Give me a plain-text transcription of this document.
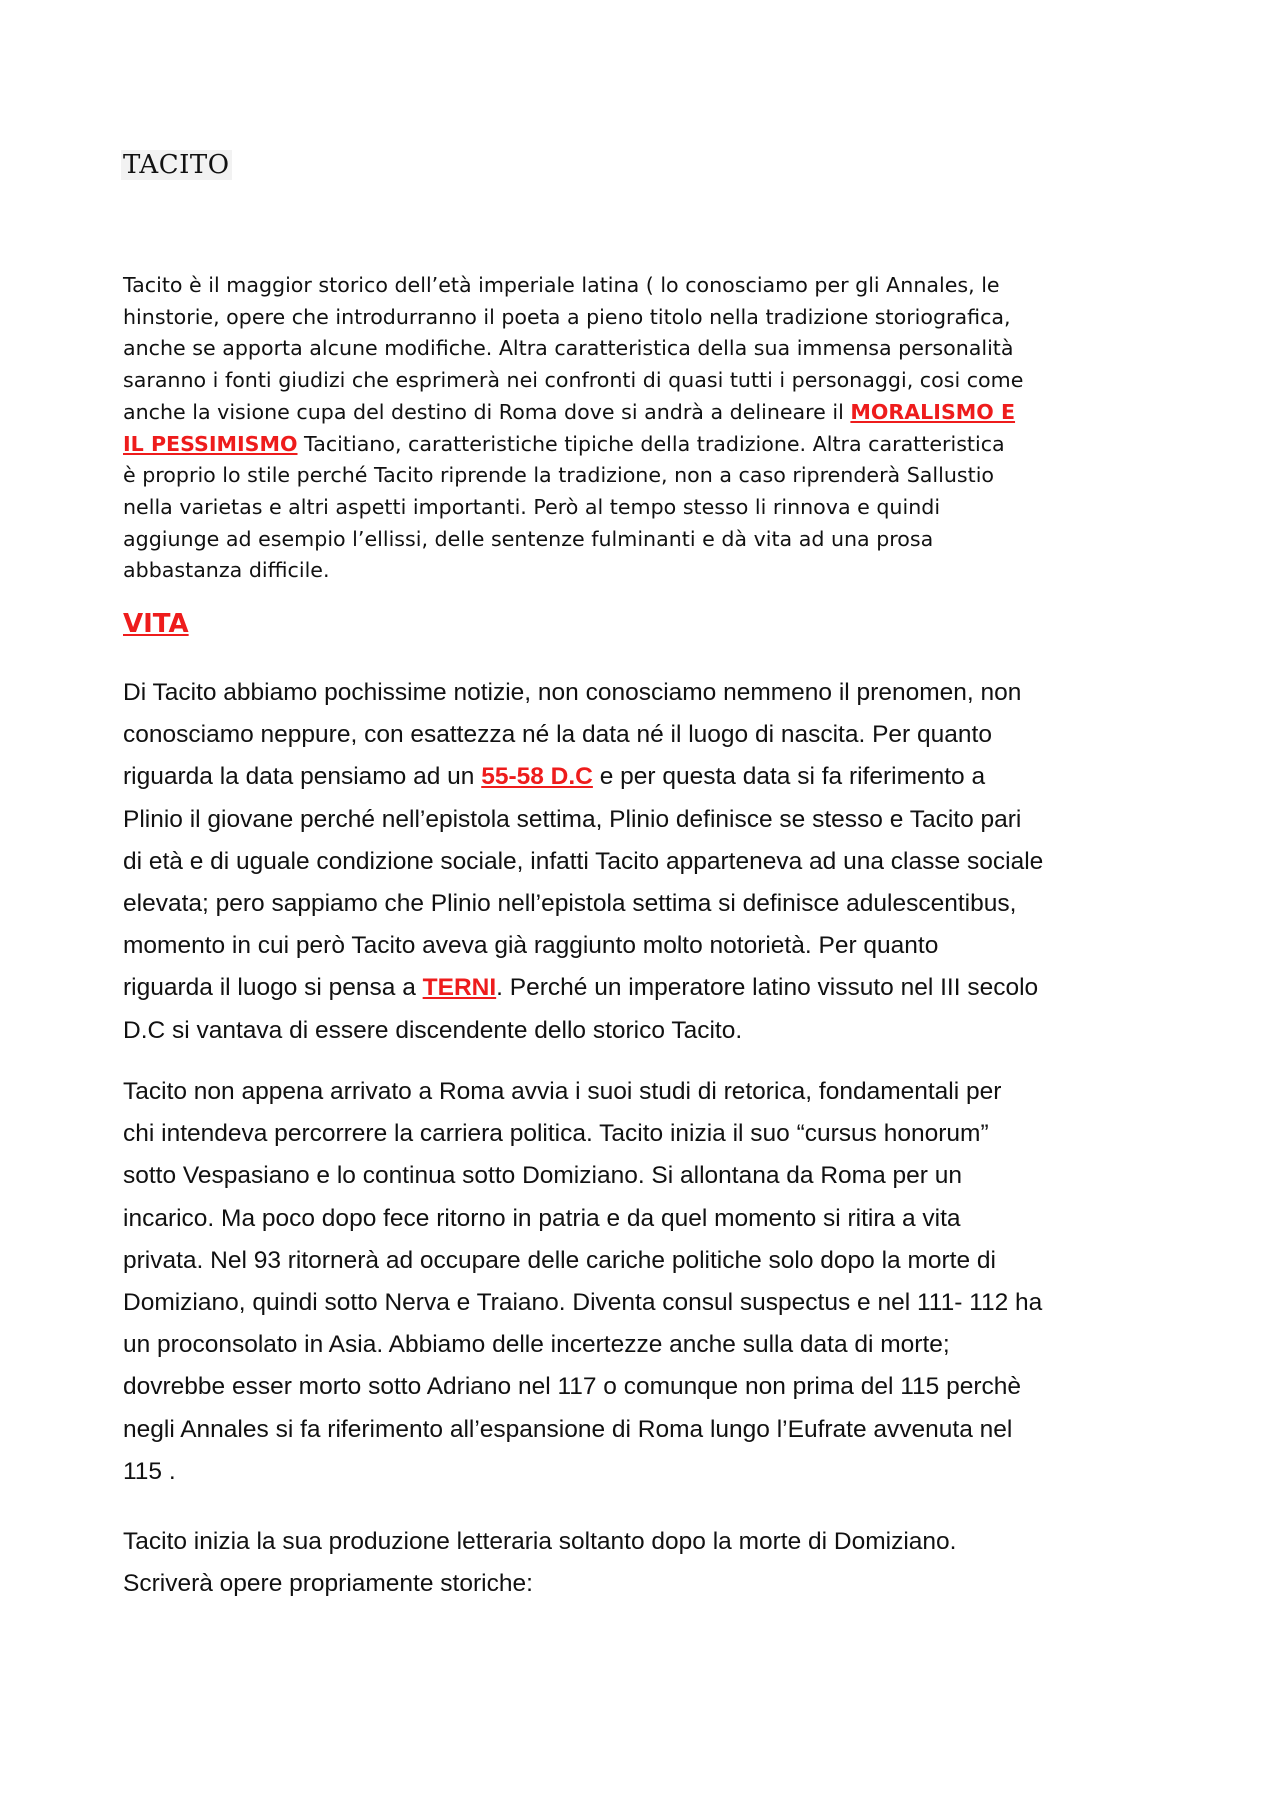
TACITO

Tacito è il maggior storico dell’età imperiale latina ( lo conosciamo per gli Annales, le
hinstorie, opere che introdurranno il poeta a pieno titolo nella tradizione storiografica,
anche se apporta alcune modifiche. Altra caratteristica della sua immensa personalità
saranno i fonti giudizi che esprimerà nei confronti di quasi tutti i personaggi, cosi come
anche la visione cupa del destino di Roma dove si andrà a delineare il MORALISMO E
IL PESSIMISMO Tacitiano, caratteristiche tipiche della tradizione. Altra caratteristica
è proprio lo stile perché Tacito riprende la tradizione, non a caso riprenderà Sallustio
nella varietas e altri aspetti importanti. Però al tempo stesso li rinnova e quindi
aggiunge ad esempio l’ellissi, delle sentenze fulminanti e dà vita ad una prosa
abbastanza difficile.

VITA

Di Tacito abbiamo pochissime notizie, non conosciamo nemmeno il prenomen, non
conosciamo neppure, con esattezza né la data né il luogo di nascita. Per quanto
riguarda la data pensiamo ad un 55-58 D.C e per questa data si fa riferimento a
Plinio il giovane perché nell’epistola settima, Plinio definisce se stesso e Tacito pari
di età e di uguale condizione sociale, infatti Tacito apparteneva ad una classe sociale
elevata; pero sappiamo che Plinio nell’epistola settima si definisce adulescentibus,
momento in cui però Tacito aveva già raggiunto molto notorietà. Per quanto
riguarda il luogo si pensa a TERNI. Perché un imperatore latino vissuto nel III secolo
D.C si vantava di essere discendente dello storico Tacito.

Tacito non appena arrivato a Roma avvia i suoi studi di retorica, fondamentali per
chi intendeva percorrere la carriera politica. Tacito inizia il suo “cursus honorum”
sotto Vespasiano e lo continua sotto Domiziano. Si allontana da Roma per un
incarico. Ma poco dopo fece ritorno in patria e da quel momento si ritira a vita
privata. Nel 93 ritornerà ad occupare delle cariche politiche solo dopo la morte di
Domiziano, quindi sotto Nerva e Traiano. Diventa consul suspectus e nel 111- 112 ha
un proconsolato in Asia. Abbiamo delle incertezze anche sulla data di morte;
dovrebbe esser morto sotto Adriano nel 117 o comunque non prima del 115 perchè
negli Annales si fa riferimento all’espansione di Roma lungo l’Eufrate avvenuta nel
115 .

Tacito inizia la sua produzione letteraria soltanto dopo la morte di Domiziano.
Scriverà opere propriamente storiche:
